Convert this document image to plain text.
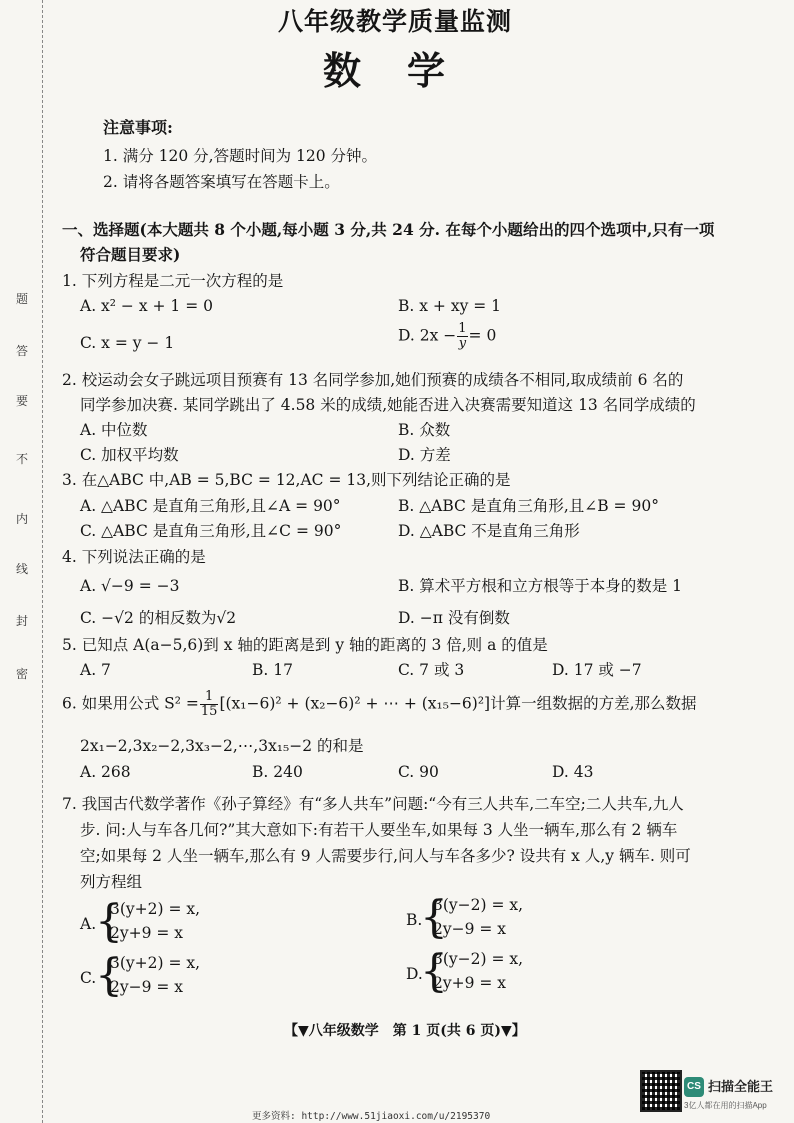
题
答
要
不
内
线
封
密
八年级教学质量监测
数　学
注意事项:
1. 满分 120 分,答题时间为 120 分钟。
2. 请将各题答案填写在答题卡上。
一、选择题(本大题共 8 个小题,每小题 3 分,共 24 分. 在每个小题给出的四个选项中,只有一项
符合题目要求)
1. 下列方程是二元一次方程的是
A. x² − x + 1 = 0	B. x + xy = 1
C. x = y − 1	D. $2x - \frac{1}{y} = 0$
2. 校运动会女子跳远项目预赛有 13 名同学参加,她们预赛的成绩各不相同,取成绩前 6 名的
同学参加决赛. 某同学跳出了 4.58 米的成绩,她能否进入决赛需要知道这 13 名同学成绩的
A. 中位数	B. 众数
C. 加权平均数	D. 方差
3. 在△ABC 中,AB = 5,BC = 12,AC = 13,则下列结论正确的是
A. △ABC 是直角三角形,且∠A = 90°	B. △ABC 是直角三角形,且∠B = 90°
C. △ABC 是直角三角形,且∠C = 90°	D. △ABC 不是直角三角形
4. 下列说法正确的是
A. √−9 = −3	B. 算术平方根和立方根等于本身的数是 1
C. −√2 的相反数为√2	D. −π 没有倒数
5. 已知点 A(a−5,6)到 x 轴的距离是到 y 轴的距离的 3 倍,则 a 的值是
A. 7	B. 17	C. 7 或 3	D. 17 或 −7
6. 如果用公式 $S^2 = \frac{1}{15} [(x_1-6)^2 + (x_2-6)^2$ + ⋯ + (x₁₅−6)²]计算一组数据的方差,那么数据
2x₁−2,3x₂−2,3x₃−2,⋯,3x₁₅−2 的和是
A. 268	B. 240	C. 90	D. 43
7. 我国古代数学著作《孙子算经》有“多人共车”问题:“今有三人共车,二车空;二人共车,九人
步. 问:人与车各几何?”其大意如下:有若干人要坐车,如果每 3 人坐一辆车,那么有 2 辆车
空;如果每 2 人坐一辆车,那么有 9 人需要步行,问人与车各多少? 设共有 x 人,y 辆车. 则可
列方程组
A.
{
3(y+2) = x,
2y+9 = x
B.
{
3(y−2) = x,
2y−9 = x
C.
{
3(y+2) = x,
2y−9 = x
D.
{
3(y−2) = x,
2y+9 = x
【▼八年级数学　第 1 页(共 6 页)▼】
CS 扫描全能王
3亿人都在用的扫描App
更多资料: http://www.51jiaoxi.com/u/2195370
